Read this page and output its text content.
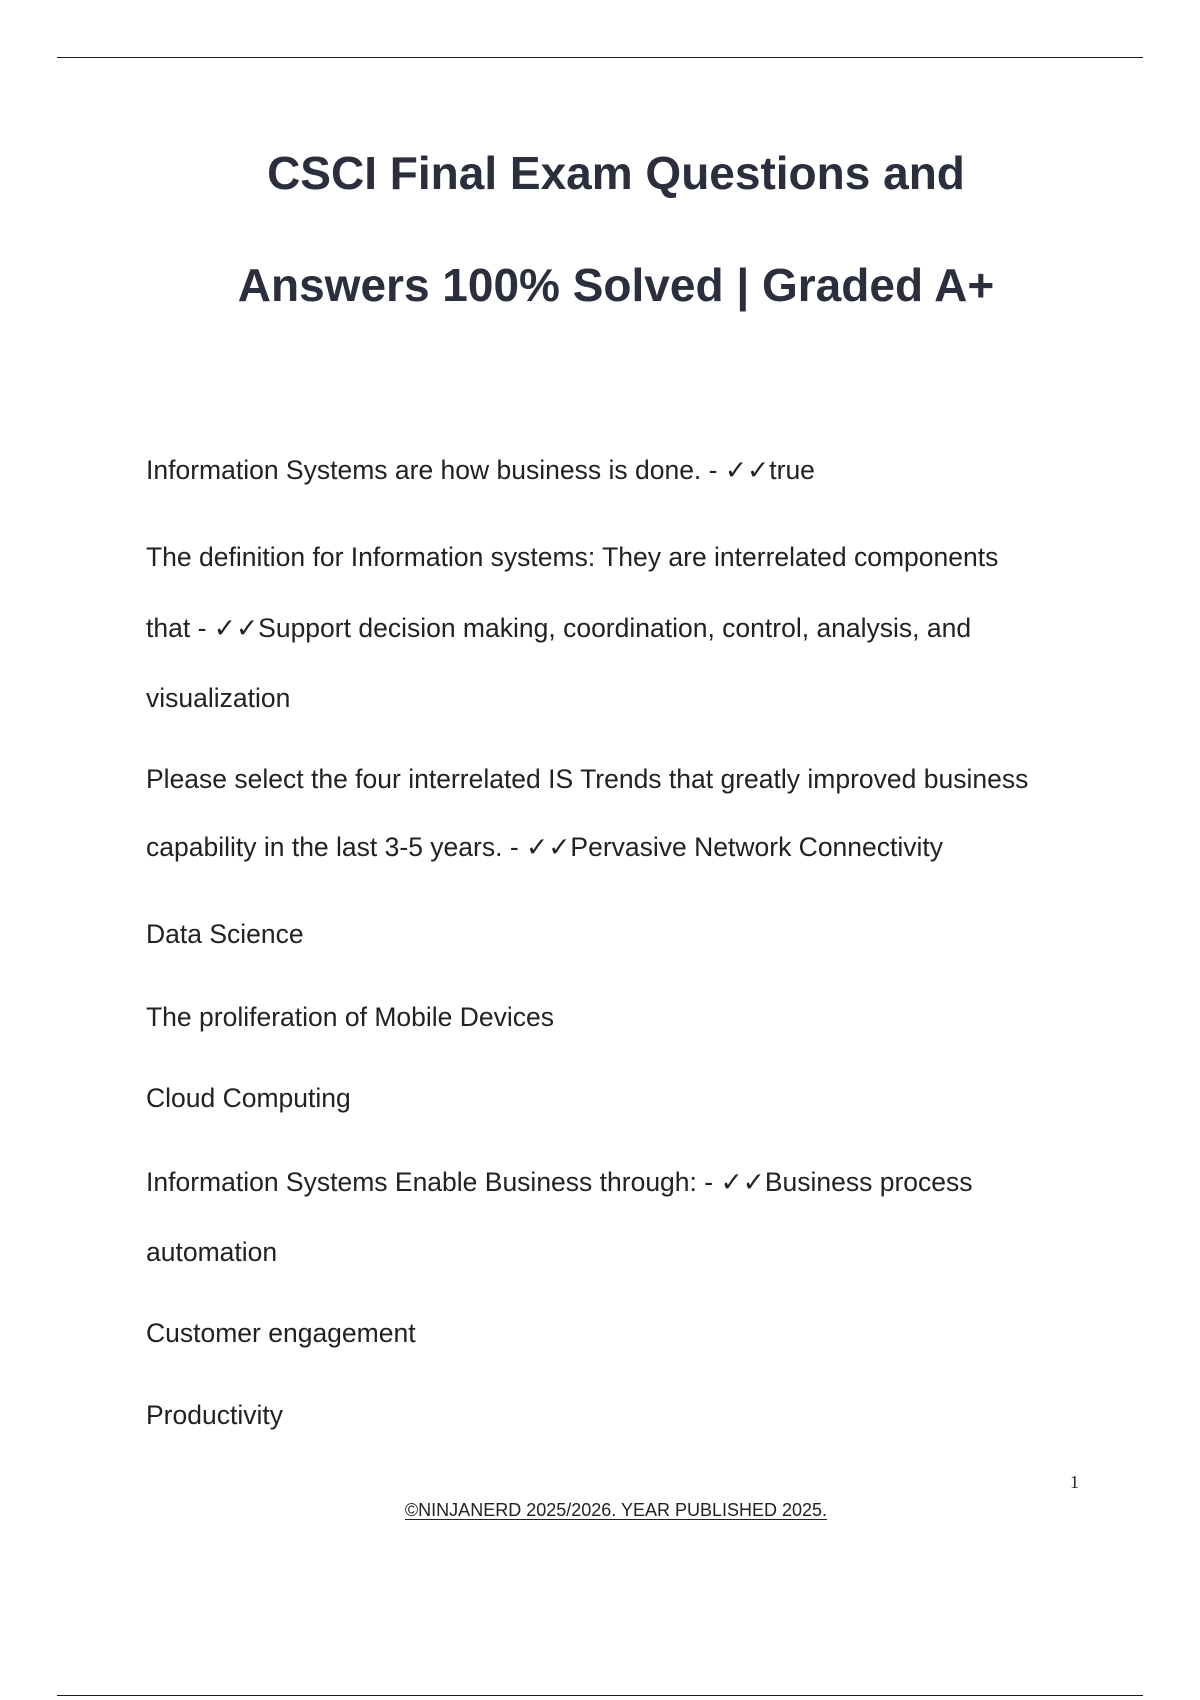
CSCI Final Exam Questions and
Answers 100% Solved | Graded A+

Information Systems are how business is done. - ✓✓true

The definition for Information systems: They are interrelated components

that - ✓✓Support decision making, coordination, control, analysis, and

visualization

Please select the four interrelated IS Trends that greatly improved business

capability in the last 3-5 years. - ✓✓Pervasive Network Connectivity

Data Science

The proliferation of Mobile Devices

Cloud Computing

Information Systems Enable Business through: - ✓✓Business process

automation

Customer engagement

Productivity

1
©NINJANERD 2025/2026. YEAR PUBLISHED 2025.
